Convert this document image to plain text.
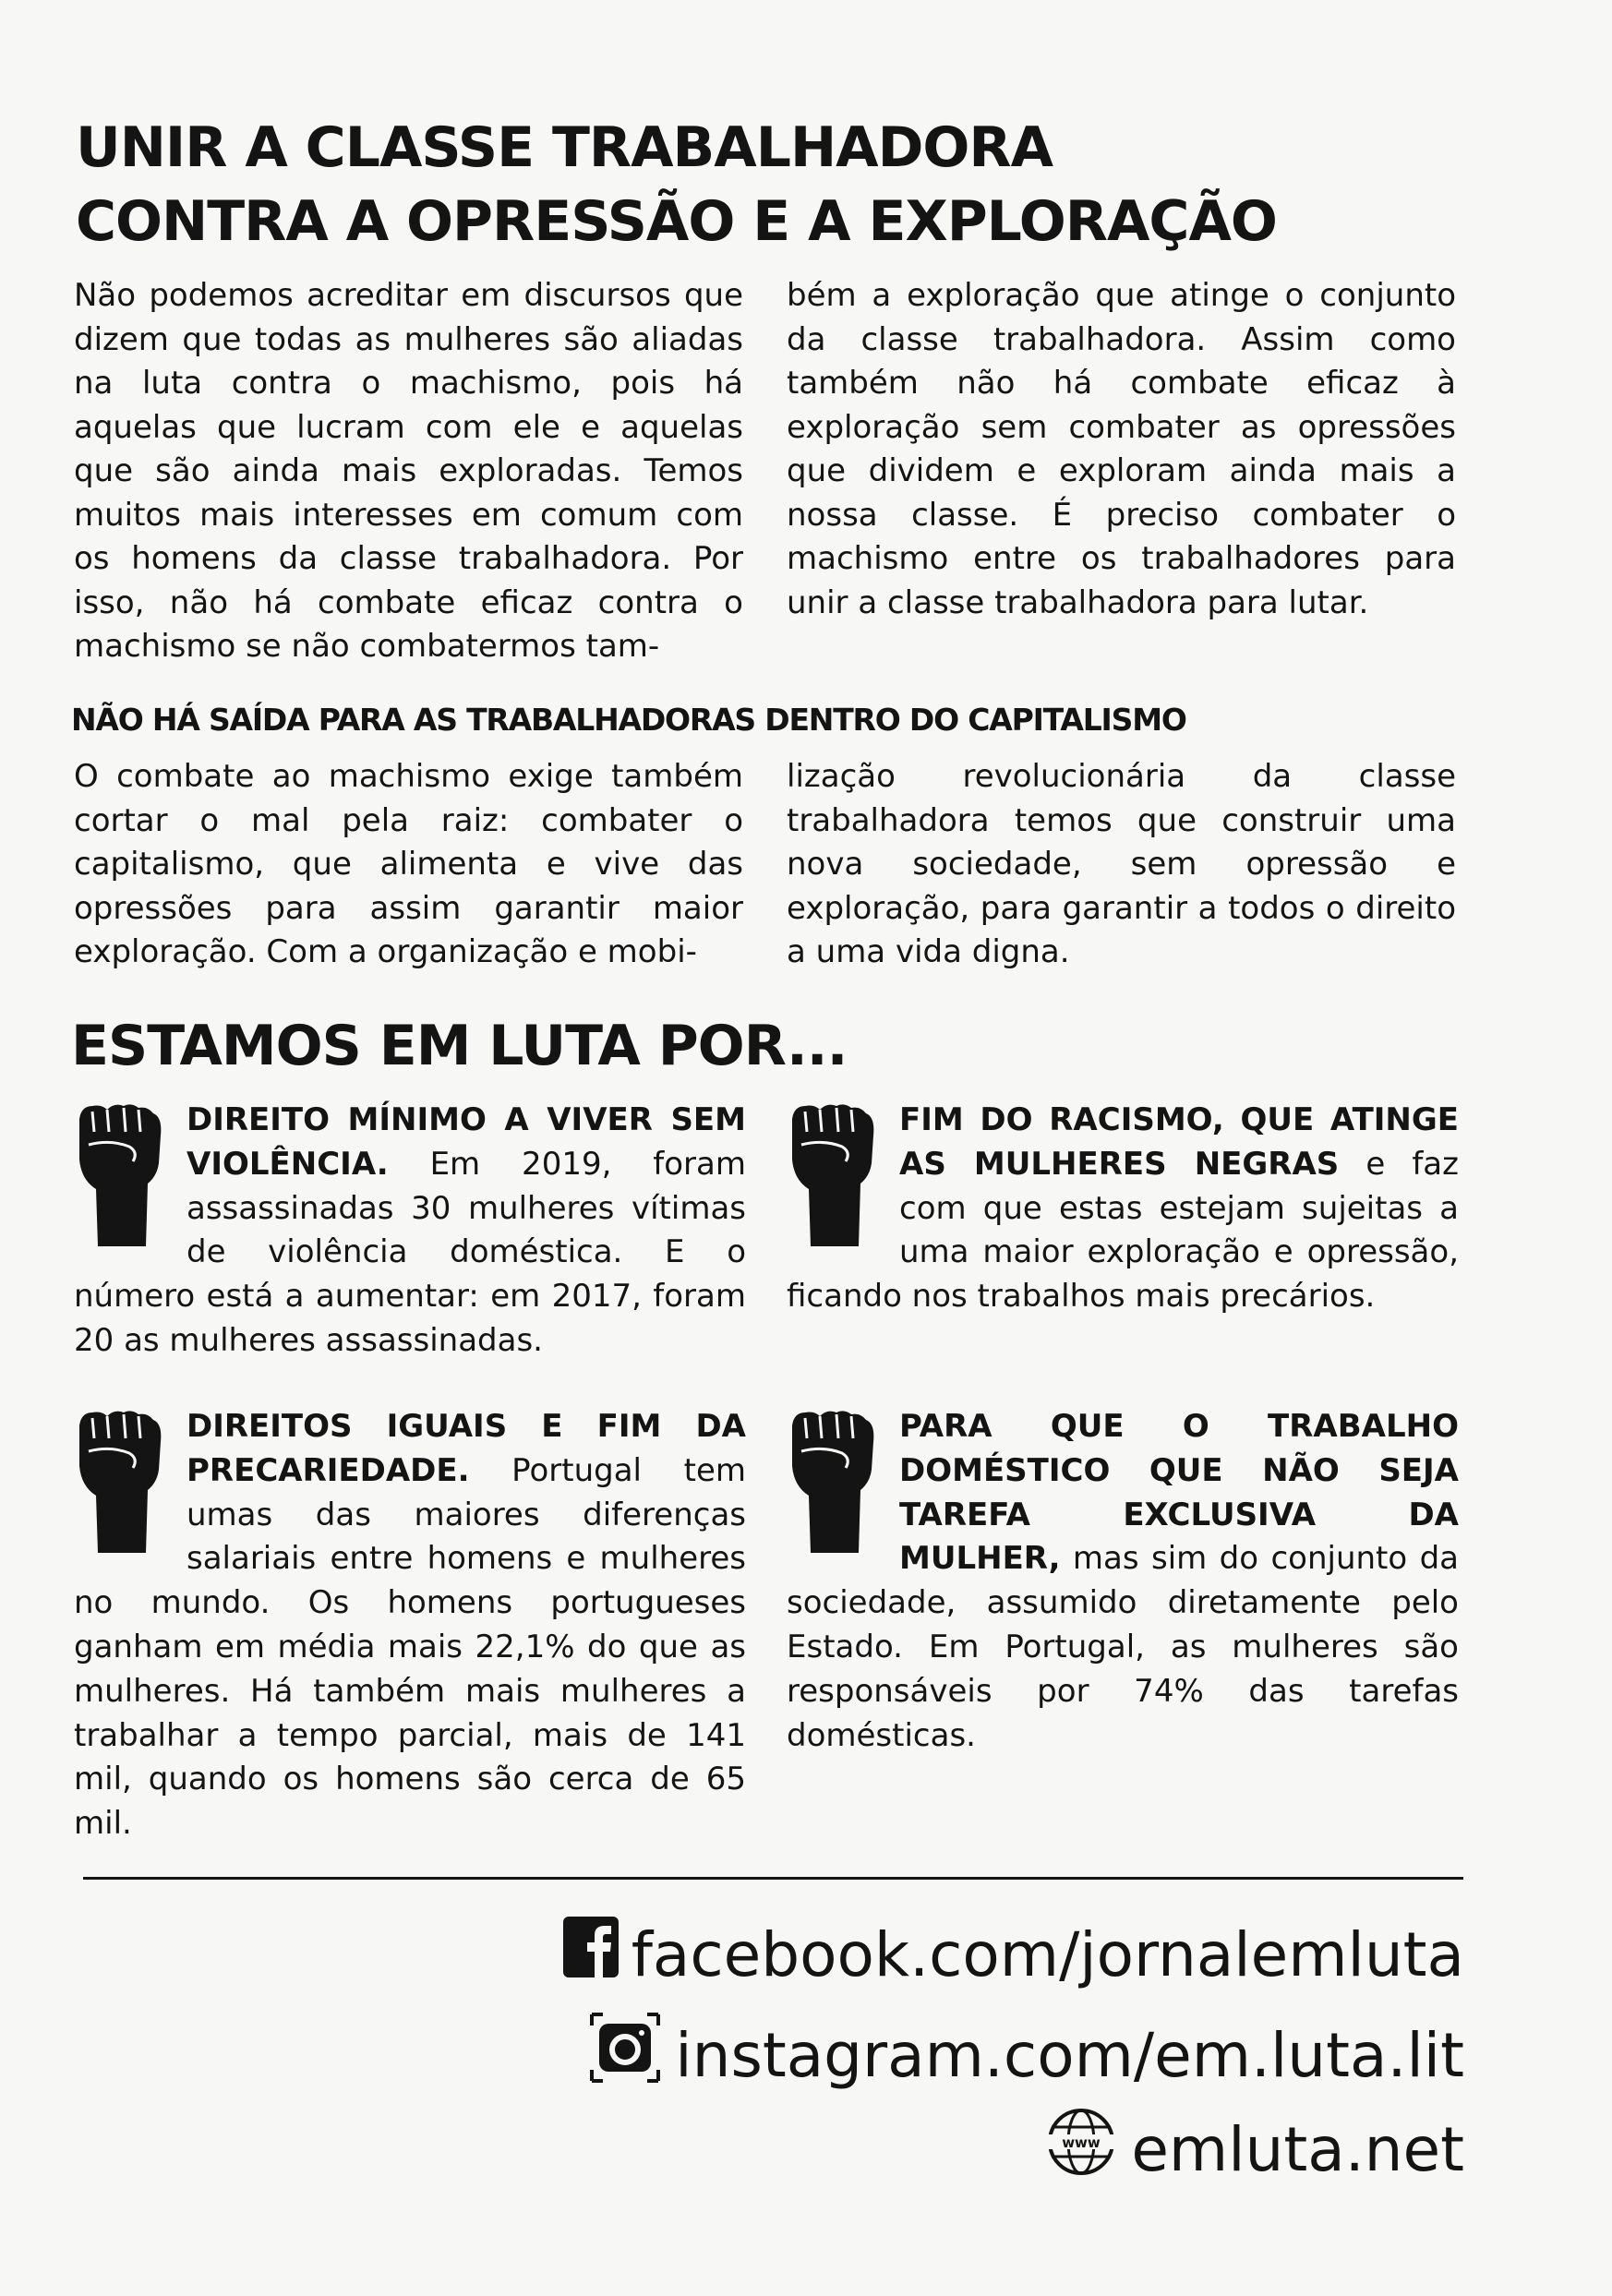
UNIR A CLASSE TRABALHADORA
CONTRA A OPRESSÃO E A EXPLORAÇÃO

Não podemos acreditar em discursos que dizem que todas as mulheres são aliadas na luta contra o machismo, pois há aquelas que lucram com ele e aquelas que são ainda mais exploradas. Temos muitos mais interesses em comum com os homens da classe trabalhadora. Por isso, não há combate eficaz contra o machismo se não combatermos tam-

bém a exploração que atinge o conjunto da classe trabalhadora. Assim como também não há combate eficaz à exploração sem combater as opressões que dividem e exploram ainda mais a nossa classe. É preciso combater o machismo entre os trabalhadores para unir a classe trabalhadora para lutar.

NÃO HÁ SAÍDA PARA AS TRABALHADORAS DENTRO DO CAPITALISMO

O combate ao machismo exige também cortar o mal pela raiz: combater o capitalismo, que alimenta e vive das opressões para assim garantir maior exploração. Com a organização e mobi-

lização revolucionária da classe trabalhadora temos que construir uma nova sociedade, sem opressão e exploração, para garantir a todos o direito a uma vida digna.

ESTAMOS EM LUTA POR...
DIREITO MÍNIMO A VIVER SEM VIOLÊNCIA. Em 2019, foram assassinadas 30 mulheres vítimas de violência doméstica. E o número está a aumentar: em 2017, foram 20 as mulheres assassinadas.
FIM DO RACISMO, QUE ATINGE AS MULHERES NEGRAS e faz com que estas estejam sujeitas a uma maior exploração e opressão, ficando nos trabalhos mais precários.
DIREITOS IGUAIS E FIM DA PRECARIEDADE. Portugal tem umas das maiores diferenças salariais entre homens e mulheres no mundo. Os homens portugueses ganham em média mais 22,1% do que as mulheres. Há também mais mulheres a trabalhar a tempo parcial, mais de 141 mil, quando os homens são cerca de 65 mil.
PARA QUE O TRABALHO DOMÉSTICO QUE NÃO SEJA TAREFA EXCLUSIVA DA MULHER, mas sim do conjunto da sociedade, assumido diretamente pelo Estado. Em Portugal, as mulheres são responsáveis por 74% das tarefas domésticas.
facebook.com/jornalemluta
instagram.com/em.luta.lit
www emluta.net
